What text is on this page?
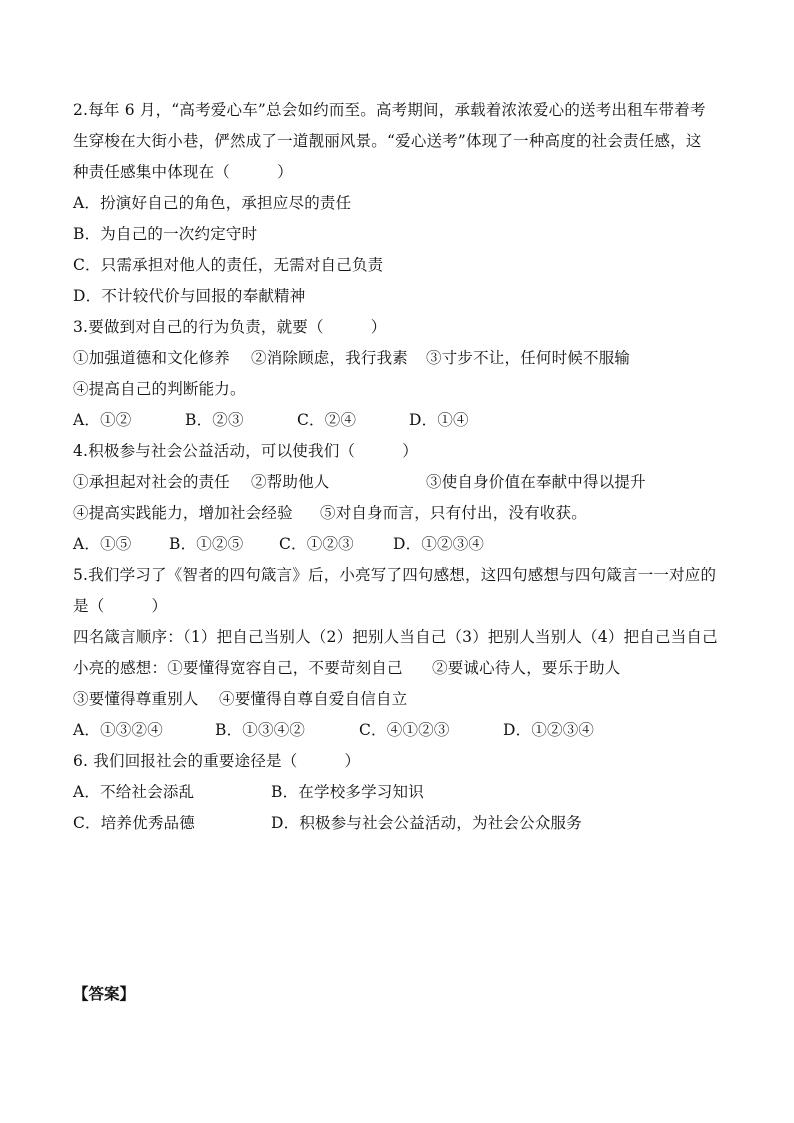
2.每年 6 月，“高考爱心车”总会如约而至。高考期间，承载着浓浓爱心的送考出租车带着考
生穿梭在大街小巷，俨然成了一道靓丽风景。“爱心送考”体现了一种高度的社会责任感，这
种责任感集中体现在（　　　）
A．扮演好自己的角色，承担应尽的责任
B．为自己的一次约定守时
C．只需承担对他人的责任，无需对自己负责
D．不计较代价与回报的奉献精神
3.要做到对自己的行为负责，就要（　　　）
①加强道德和文化修养	②消除顾虑，我行我素	③寸步不让，任何时候不服输
④提高自己的判断能力。
A．①②	B．②③	C．②④	D．①④
4.积极参与社会公益活动，可以使我们（　　　）
①承担起对社会的责任	②帮助他人	③使自身价值在奉献中得以提升
④提高实践能力，增加社会经验	⑤对自身而言，只有付出，没有收获。
A．①⑤	B．①②⑤	C．①②③	D．①②③④
5.我们学习了《智者的四句箴言》后，小亮写了四句感想，这四句感想与四句箴言一一对应的
是（　　　）
四名箴言顺序：（1）把自己当别人（2）把别人当自己（3）把别人当别人（4）把自己当自己
小亮的感想：①要懂得宽容自己，不要苛刻自己	②要诚心待人，要乐于助人
③要懂得尊重别人	④要懂得自尊自爱自信自立
A．①③②④	B．①③④②	C．④①②③	D．①②③④
6. 我们回报社会的重要途径是（　　　）
A．不给社会添乱	B．在学校多学习知识
C．培养优秀品德	D．积极参与社会公益活动，为社会公众服务
【答案】
